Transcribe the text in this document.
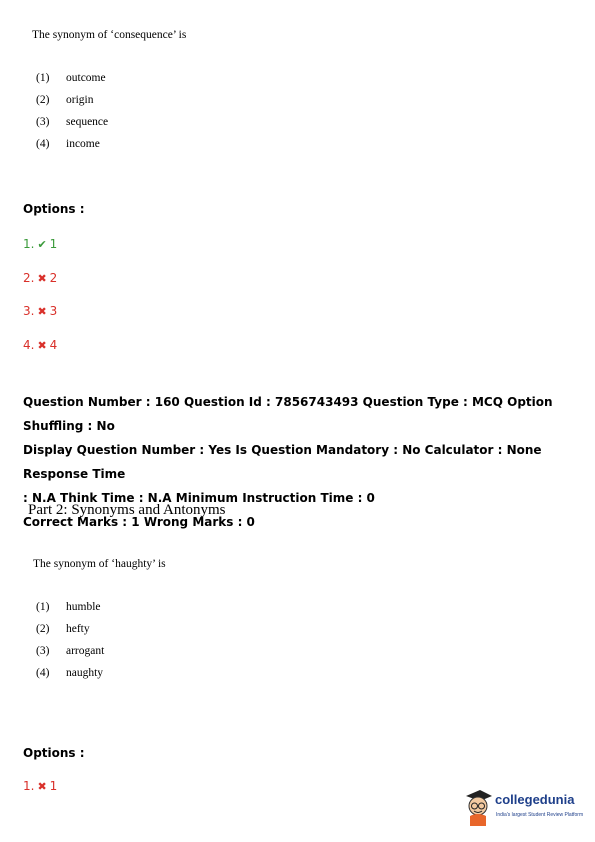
The synonym of ‘consequence’ is
(1) outcome
(2) origin
(3) sequence
(4) income
Options :
1. ✔ 1
2. ✖ 2
3. ✖ 3
4. ✖ 4
Question Number : 160 Question Id : 7856743493 Question Type : MCQ Option Shuffling : No
Display Question Number : Yes Is Question Mandatory : No Calculator : None Response Time
: N.A Think Time : N.A Minimum Instruction Time : 0
Correct Marks : 1 Wrong Marks : 0
Part 2: Synonyms and Antonyms
The synonym of ‘haughty’ is
(1) humble
(2) hefty
(3) arrogant
(4) naughty
Options :
1. ✖ 1
collegedunia
India's largest Student Review Platform
